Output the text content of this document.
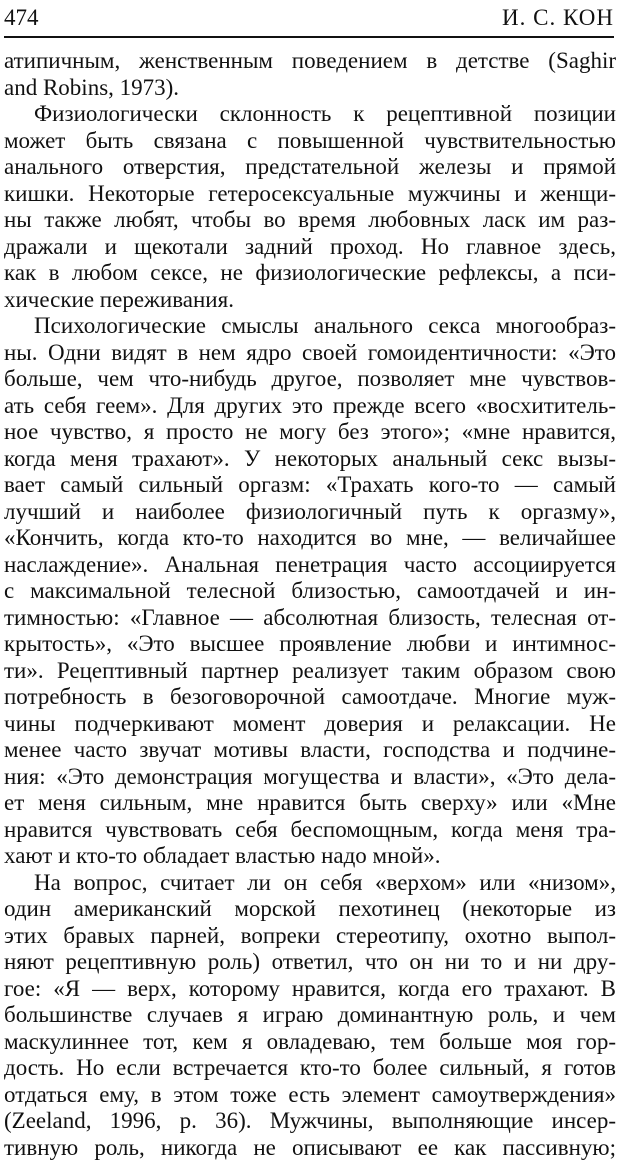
474	И. С. КОН
атипичным, женственным поведением в детстве (Saghir
and Robins, 1973).
Физиологически склонность к рецептивной позиции
может быть связана с повышенной чувствительностью
анального отверстия, предстательной железы и прямой
кишки. Некоторые гетеросексуальные мужчины и женщи-
ны также любят, чтобы во время любовных ласк им раз-
дражали и щекотали задний проход. Но главное здесь,
как в любом сексе, не физиологические рефлексы, а пси-
хические переживания.
Психологические смыслы анального секса многообраз-
ны. Одни видят в нем ядро своей гомоидентичности: «Это
больше, чем что-нибудь другое, позволяет мне чувствов-
ать себя геем». Для других это прежде всего «восхититель-
ное чувство, я просто не могу без этого»; «мне нравится,
когда меня трахают». У некоторых анальный секс вызы-
вает самый сильный оргазм: «Трахать кого-то — самый
лучший и наиболее физиологичный путь к оргазму»,
«Кончить, когда кто-то находится во мне, — величайшее
наслаждение». Анальная пенетрация часто ассоциируется
с максимальной телесной близостью, самоотдачей и ин-
тимностью: «Главное — абсолютная близость, телесная от-
крытость», «Это высшее проявление любви и интимнос-
ти». Рецептивный партнер реализует таким образом свою
потребность в безоговорочной самоотдаче. Многие муж-
чины подчеркивают момент доверия и релаксации. Не
менее часто звучат мотивы власти, господства и подчине-
ния: «Это демонстрация могущества и власти», «Это дела-
ет меня сильным, мне нравится быть сверху» или «Мне
нравится чувствовать себя беспомощным, когда меня тра-
хают и кто-то обладает властью надо мной».
На вопрос, считает ли он себя «верхом» или «низом»,
один американский морской пехотинец (некоторые из
этих бравых парней, вопреки стереотипу, охотно выпол-
няют рецептивную роль) ответил, что он ни то и ни дру-
гое: «Я — верх, которому нравится, когда его трахают. В
большинстве случаев я играю доминантную роль, и чем
маскулиннее тот, кем я овладеваю, тем больше моя гор-
дость. Но если встречается кто-то более сильный, я готов
отдаться ему, в этом тоже есть элемент самоутверждения»
(Zeeland, 1996, p. 36). Мужчины, выполняющие инсер-
тивную роль, никогда не описывают ее как пассивную;
